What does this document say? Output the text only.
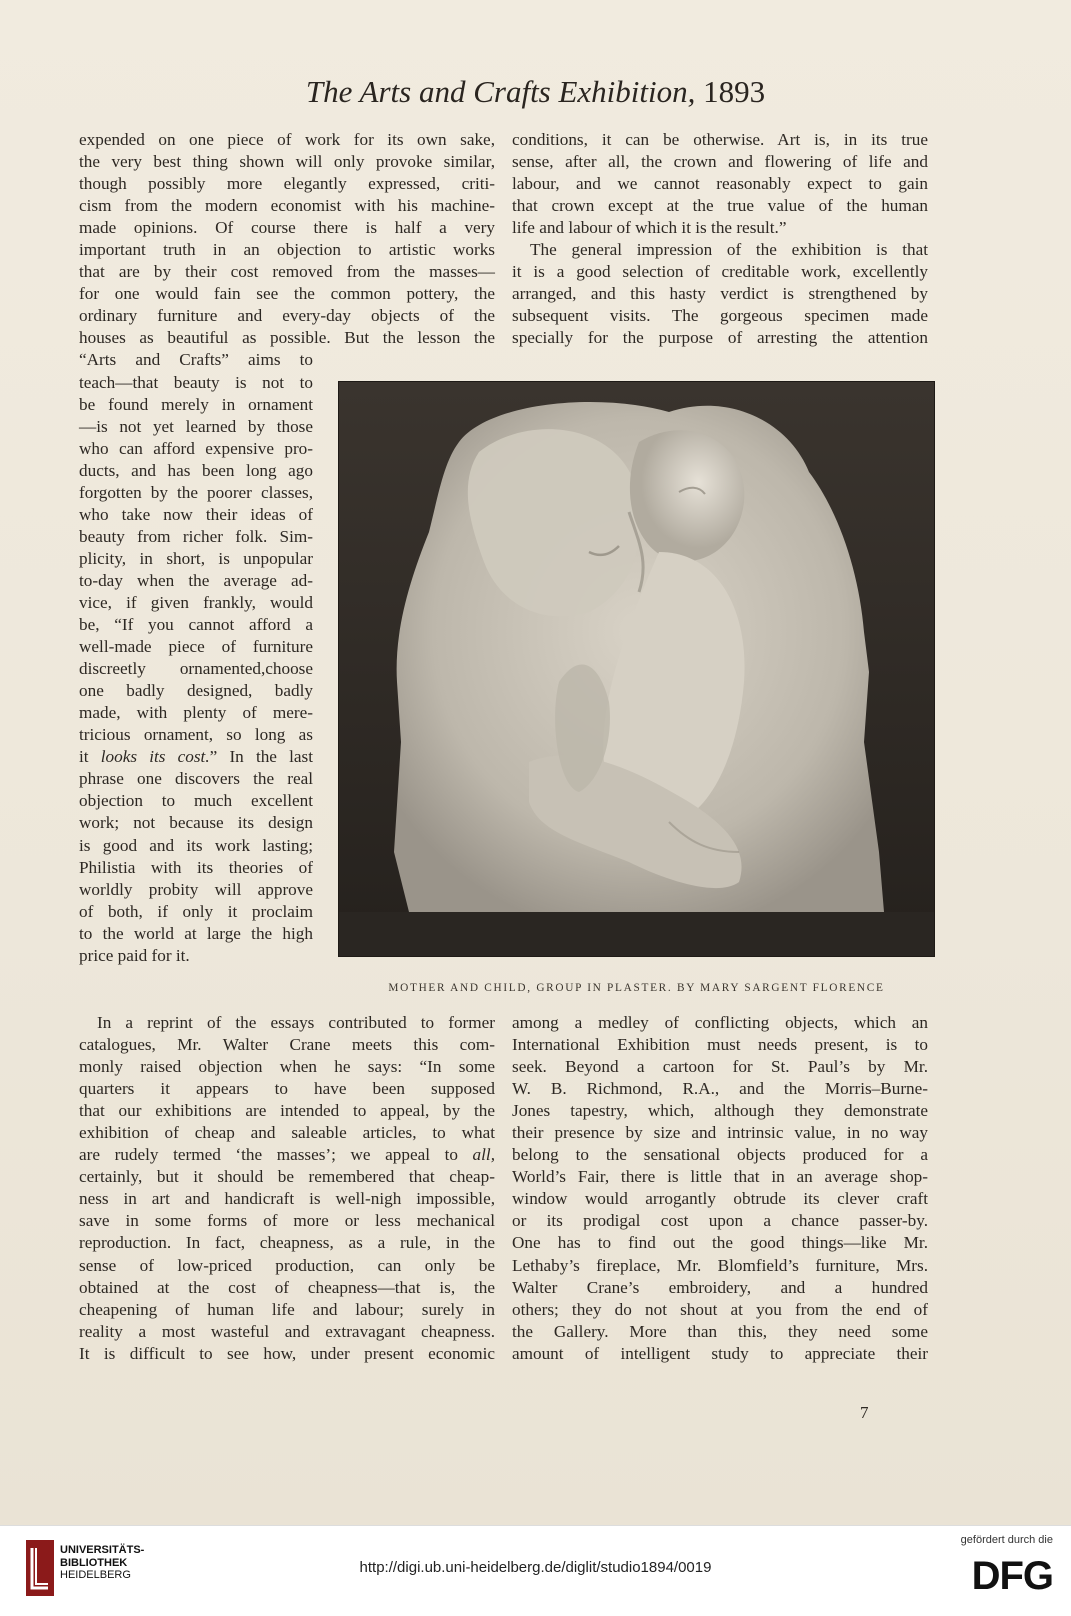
The Arts and Crafts Exhibition, 1893
expended on one piece of work for its own sake,
the very best thing shown will only provoke similar,
though possibly more elegantly expressed, criti-
cism from the modern economist with his machine-
made opinions. Of course there is half a very
important truth in an objection to artistic works
that are by their cost removed from the masses—
for one would fain see the common pottery, the
ordinary furniture and every-day objects of the
houses as beautiful as possible. But the lesson the
“Arts and Crafts” aims to
teach—that beauty is not to
be found merely in ornament
—is not yet learned by those
who can afford expensive pro-
ducts, and has been long ago
forgotten by the poorer classes,
who take now their ideas of
beauty from richer folk. Sim-
plicity, in short, is unpopular
to-day when the average ad-
vice, if given frankly, would
be, “If you cannot afford a
well-made piece of furniture
discreetly ornamented,choose
one badly designed, badly
made, with plenty of mere-
tricious ornament, so long as
it looks its cost.” In the last
phrase one discovers the real
objection to much excellent
work; not because its design
is good and its work lasting;
Philistia with its theories of
worldly probity will approve
of both, if only it proclaim
to the world at large the high
price paid for it.
conditions, it can be otherwise. Art is, in its true
sense, after all, the crown and flowering of life and
labour, and we cannot reasonably expect to gain
that crown except at the true value of the human
life and labour of which it is the result.”
The general impression of the exhibition is that
it is a good selection of creditable work, excellently
arranged, and this hasty verdict is strengthened by
subsequent visits. The gorgeous specimen made
specially for the purpose of arresting the attention
MOTHER AND CHILD, GROUP IN PLASTER. BY MARY SARGENT FLORENCE
In a reprint of the essays contributed to former
catalogues, Mr. Walter Crane meets this com-
monly raised objection when he says: “In some
quarters it appears to have been supposed
that our exhibitions are intended to appeal, by the
exhibition of cheap and saleable articles, to what
are rudely termed ‘the masses’; we appeal to all,
certainly, but it should be remembered that cheap-
ness in art and handicraft is well-nigh impossible,
save in some forms of more or less mechanical
reproduction. In fact, cheapness, as a rule, in the
sense of low-priced production, can only be
obtained at the cost of cheapness—that is, the
cheapening of human life and labour; surely in
reality a most wasteful and extravagant cheapness.
It is difficult to see how, under present economic
among a medley of conflicting objects, which an
International Exhibition must needs present, is to
seek. Beyond a cartoon for St. Paul’s by Mr.
W. B. Richmond, R.A., and the Morris–Burne-
Jones tapestry, which, although they demonstrate
their presence by size and intrinsic value, in no way
belong to the sensational objects produced for a
World’s Fair, there is little that in an average shop-
window would arrogantly obtrude its clever craft
or its prodigal cost upon a chance passer-by.
One has to find out the good things—like Mr.
Lethaby’s fireplace, Mr. Blomfield’s furniture, Mrs.
Walter Crane’s embroidery, and a hundred
others; they do not shout at you from the end of
the Gallery. More than this, they need some
amount of intelligent study to appreciate their
7
UNIVERSITÄTS-
BIBLIOTHEK
HEIDELBERG	http://digi.ub.uni-heidelberg.de/diglit/studio1894/0019
gefördert durch die
DFG
